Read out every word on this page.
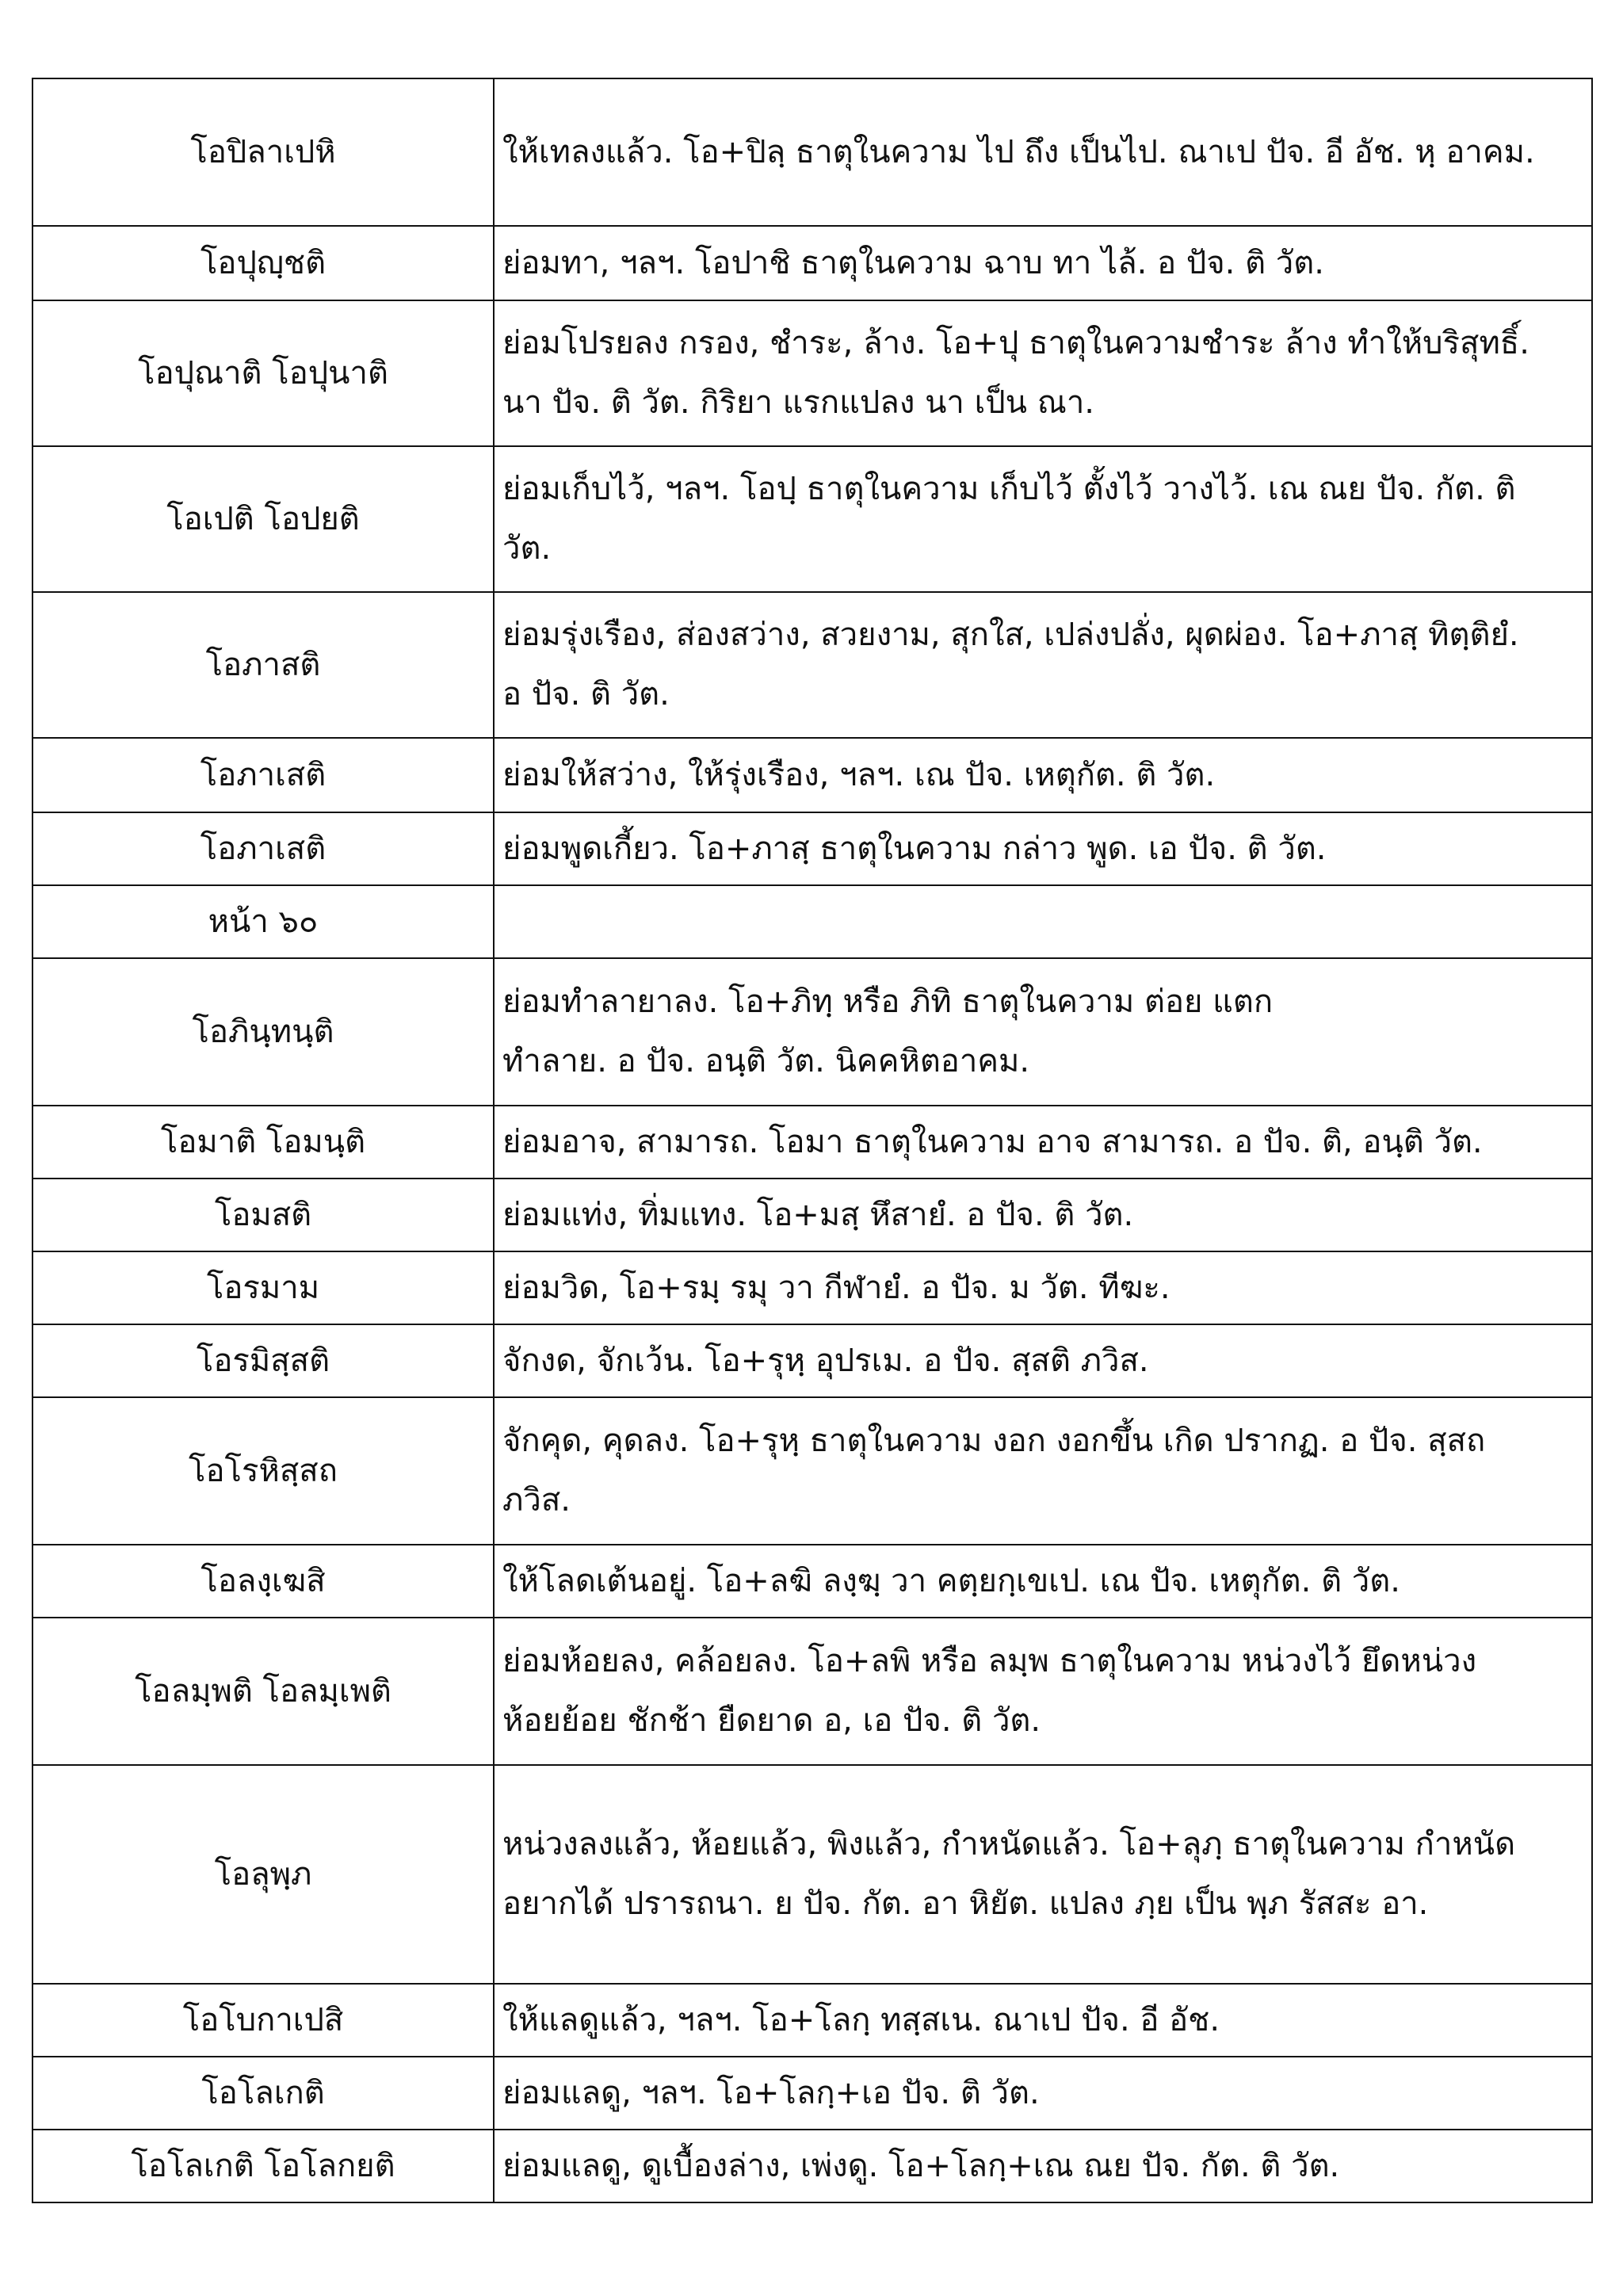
โอปิลาเปหิ	ให้เทลงแล้ว. โอ+ปิลฺ ธาตุในความ ไป ถึง เป็นไป. ณาเป ปัจ. อี อัช. หฺ อาคม.
โอปุญฺชติ	ย่อมทา, ฯลฯ. โอปาชิ ธาตุในความ ฉาบ ทา ไล้. อ ปัจ. ติ วัต.
โอปุณาติ โอปุนาติ	ย่อมโปรยลง กรอง, ชำระ, ล้าง. โอ+ปุ ธาตุในความชำระ ล้าง ทำให้บริสุทธิ์.
นา ปัจ. ติ วัต. กิริยา แรกแปลง นา เป็น ณา.
โอเปติ โอปยติ	ย่อมเก็บไว้, ฯลฯ. โอปฺ ธาตุในความ เก็บไว้ ตั้งไว้ วางไว้. เณ ณย ปัจ. กัต. ติ
วัต.
โอภาสติ	ย่อมรุ่งเรือง, ส่องสว่าง, สวยงาม, สุกใส, เปล่งปลั่ง, ผุดผ่อง. โอ+ภาสฺ ทิตฺติยํ.
อ ปัจ. ติ วัต.
โอภาเสติ	ย่อมให้สว่าง, ให้รุ่งเรือง, ฯลฯ. เณ ปัจ. เหตุกัต. ติ วัต.
โอภาเสติ	ย่อมพูดเกี้ยว. โอ+ภาสฺ ธาตุในความ กล่าว พูด. เอ ปัจ. ติ วัต.
หน้า ๖๐	
โอภินฺทนฺติ	ย่อมทำลายาลง. โอ+ภิทฺ หรือ ภิทิ ธาตุในความ ต่อย แตก
ทำลาย. อ ปัจ. อนฺติ วัต. นิคคหิตอาคม.
โอมาติ โอมนฺติ	ย่อมอาจ, สามารถ. โอมา ธาตุในความ อาจ สามารถ. อ ปัจ. ติ, อนฺติ วัต.
โอมสติ	ย่อมแท่ง, ทิ่มแทง. โอ+มสฺ หึสายํ. อ ปัจ. ติ วัต.
โอรมาม	ย่อมวิด, โอ+รมฺ รมุ วา กีฬายํ. อ ปัจ. ม วัต. ทีฆะ.
โอรมิสฺสติ	จักงด, จักเว้น. โอ+รุหฺ อุปรเม. อ ปัจ. สฺสติ ภวิส.
โอโรหิสฺสถ	จักคุด, คุดลง. โอ+รุหฺ ธาตุในความ งอก งอกขึ้น เกิด ปรากฏ. อ ปัจ. สฺสถ
ภวิส.
โอลงฺเฆสิ	ให้โลดเต้นอยู่. โอ+ลฆิ ลงฺฆฺ วา คตฺยกฺเขเป. เณ ปัจ. เหตุกัต. ติ วัต.
โอลมฺพติ โอลมฺเพติ	ย่อมห้อยลง, คล้อยลง. โอ+ลพิ หรือ ลมฺพ ธาตุในความ หน่วงไว้ ยึดหน่วง
ห้อยย้อย ชักช้า ยืดยาด อ, เอ ปัจ. ติ วัต.
โอลุพฺภ	หน่วงลงแล้ว, ห้อยแล้ว, พิงแล้ว, กำหนัดแล้ว. โอ+ลุภฺ ธาตุในความ กำหนัด
อยากได้ ปรารถนา. ย ปัจ. กัต. อา หิยัต. แปลง ภฺย เป็น พฺภ รัสสะ อา.
โอโบกาเปสิ	ให้แลดูแล้ว, ฯลฯ. โอ+โลกฺ ทสฺสเน. ณาเป ปัจ. อี อัช.
โอโลเกติ	ย่อมแลดู, ฯลฯ. โอ+โลกฺ+เอ ปัจ. ติ วัต.
โอโลเกติ โอโลกยติ	ย่อมแลดู, ดูเบื้องล่าง, เพ่งดู. โอ+โลกฺ+เณ ณย ปัจ. กัต. ติ วัต.
